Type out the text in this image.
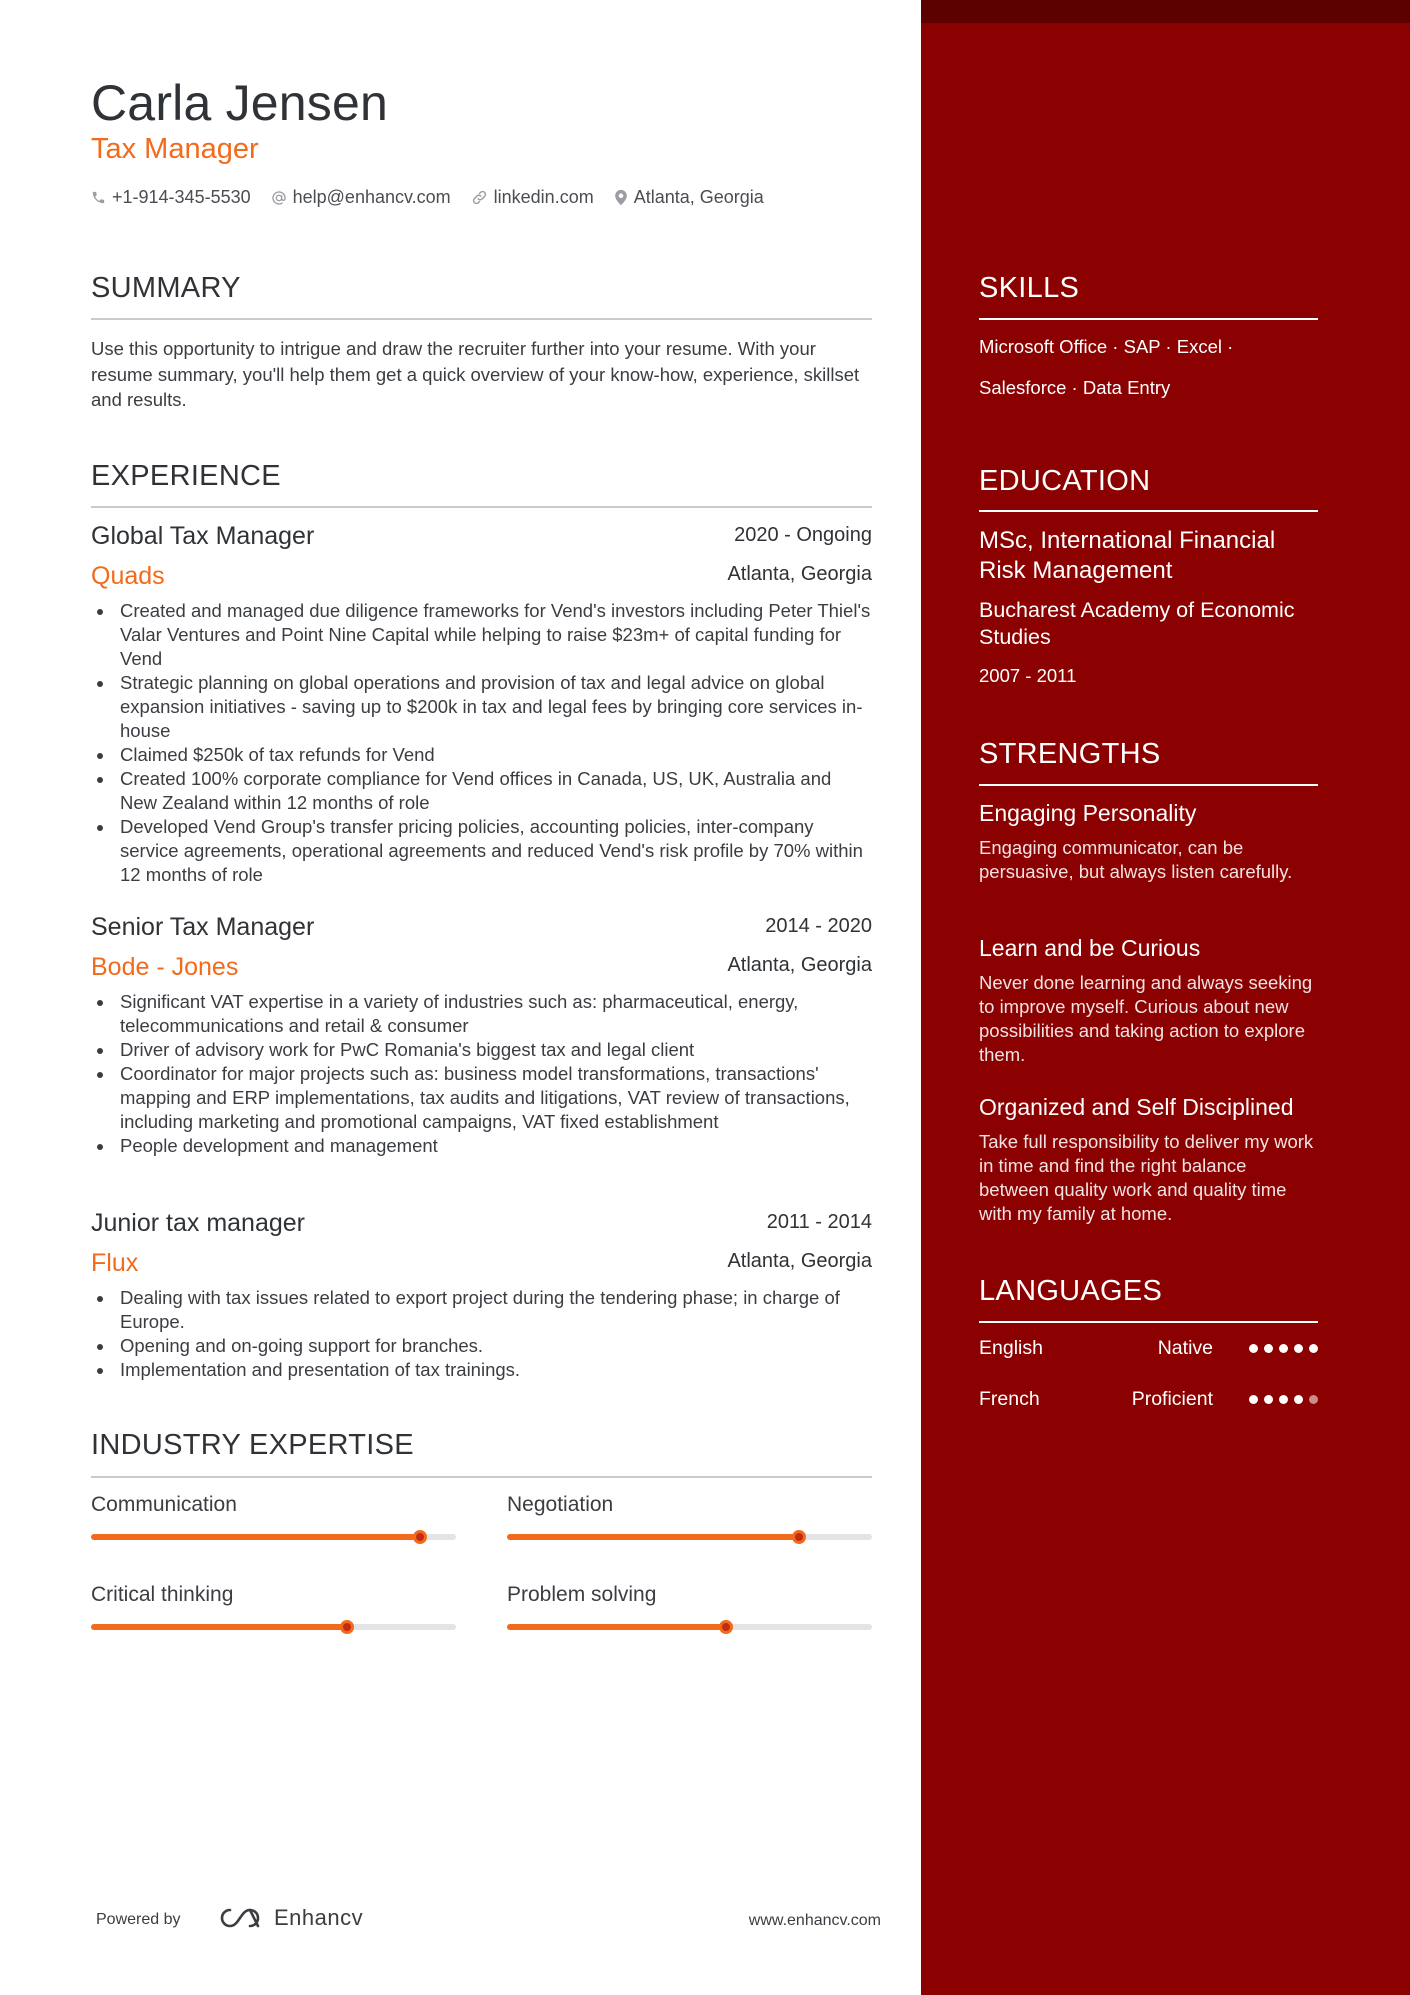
Carla Jensen
Tax Manager
+1-914-345-5530 help@enhancv.com linkedin.com Atlanta, Georgia
SUMMARY
Use this opportunity to intrigue and draw the recruiter further into your resume. With your resume summary, you'll help them get a quick overview of your know-how, experience, skillset and results.
EXPERIENCE
Global Tax Manager	2020 - Ongoing
Quads	Atlanta, Georgia
Created and managed due diligence frameworks for Vend's investors including Peter Thiel's Valar Ventures and Point Nine Capital while helping to raise $23m+ of capital funding for Vend
Strategic planning on global operations and provision of tax and legal advice on global expansion initiatives - saving up to $200k in tax and legal fees by bringing core services in-house
Claimed $250k of tax refunds for Vend
Created 100% corporate compliance for Vend offices in Canada, US, UK, Australia and New Zealand within 12 months of role
Developed Vend Group's transfer pricing policies, accounting policies, inter-company service agreements, operational agreements and reduced Vend's risk profile by 70% within 12 months of role
Senior Tax Manager	2014 - 2020
Bode - Jones	Atlanta, Georgia
Significant VAT expertise in a variety of industries such as: pharmaceutical, energy, telecommunications and retail & consumer
Driver of advisory work for PwC Romania's biggest tax and legal client
Coordinator for major projects such as: business model transformations, transactions' mapping and ERP implementations, tax audits and litigations, VAT review of transactions, including marketing and promotional campaigns, VAT fixed establishment
People development and management
Junior tax manager	2011 - 2014
Flux	Atlanta, Georgia
Dealing with tax issues related to export project during the tendering phase; in charge of Europe.
Opening and on-going support for branches.
Implementation and presentation of tax trainings.
INDUSTRY EXPERTISE
Communication	Negotiation
Critical thinking	Problem solving
Powered by	Enhancv	www.enhancv.com
SKILLS
Microsoft Office · SAP · Excel ·
Salesforce · Data Entry
EDUCATION
MSc, International Financial Risk Management
Bucharest Academy of Economic Studies
2007 - 2011
STRENGTHS
Engaging Personality
Engaging communicator, can be persuasive, but always listen carefully.
Learn and be Curious
Never done learning and always seeking to improve myself. Curious about new possibilities and taking action to explore them.
Organized and Self Disciplined
Take full responsibility to deliver my work in time and find the right balance between quality work and quality time with my family at home.
LANGUAGES
English	Native
French	Proficient
